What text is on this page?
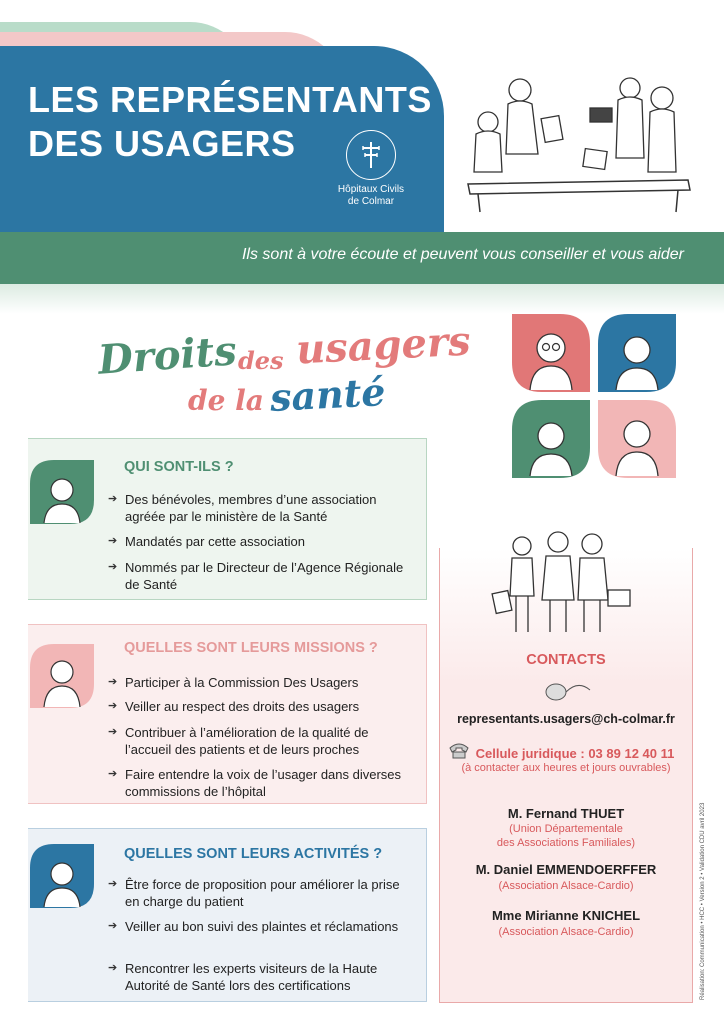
LES REPRÉSENTANTS
DES USAGERS
Hôpitaux Civils
de Colmar
Ils sont à votre écoute et peuvent vous conseiller et vous aider
Droits des usagers
de la santé
QUI SONT-ILS ?
➔ Des bénévoles, membres d’une association agréée par le ministère de la Santé
➔ Mandatés par cette association
➔ Nommés par le Directeur de l’Agence Régionale de Santé
QUELLES SONT LEURS MISSIONS ?
➔ Participer à la Commission Des Usagers
➔ Veiller au respect des droits des usagers
➔ Contribuer à l’amélioration de la qualité de l’accueil des patients et de leurs proches
➔ Faire entendre la voix de l’usager dans diverses commissions de l’hôpital
QUELLES SONT LEURS ACTIVITÉS ?
➔ Être force de proposition pour améliorer la prise en charge du patient
➔ Veiller au bon suivi des plaintes et réclamations
➔ Rencontrer les experts visiteurs de la Haute Autorité de Santé lors des certifications
CONTACTS
representants.usagers@ch-colmar.fr
Cellule juridique : 03 89 12 40 11
(à contacter aux heures et jours ouvrables)
M. Fernand THUET
(Union Départementale
des Associations Familiales)
M. Daniel EMMENDOERFFER
(Association Alsace-Cardio)
Mme Mirianne KNICHEL
(Association Alsace-Cardio)	Réalisation: Communication • HCC • Version 2 • Validation CDU avril 2023
